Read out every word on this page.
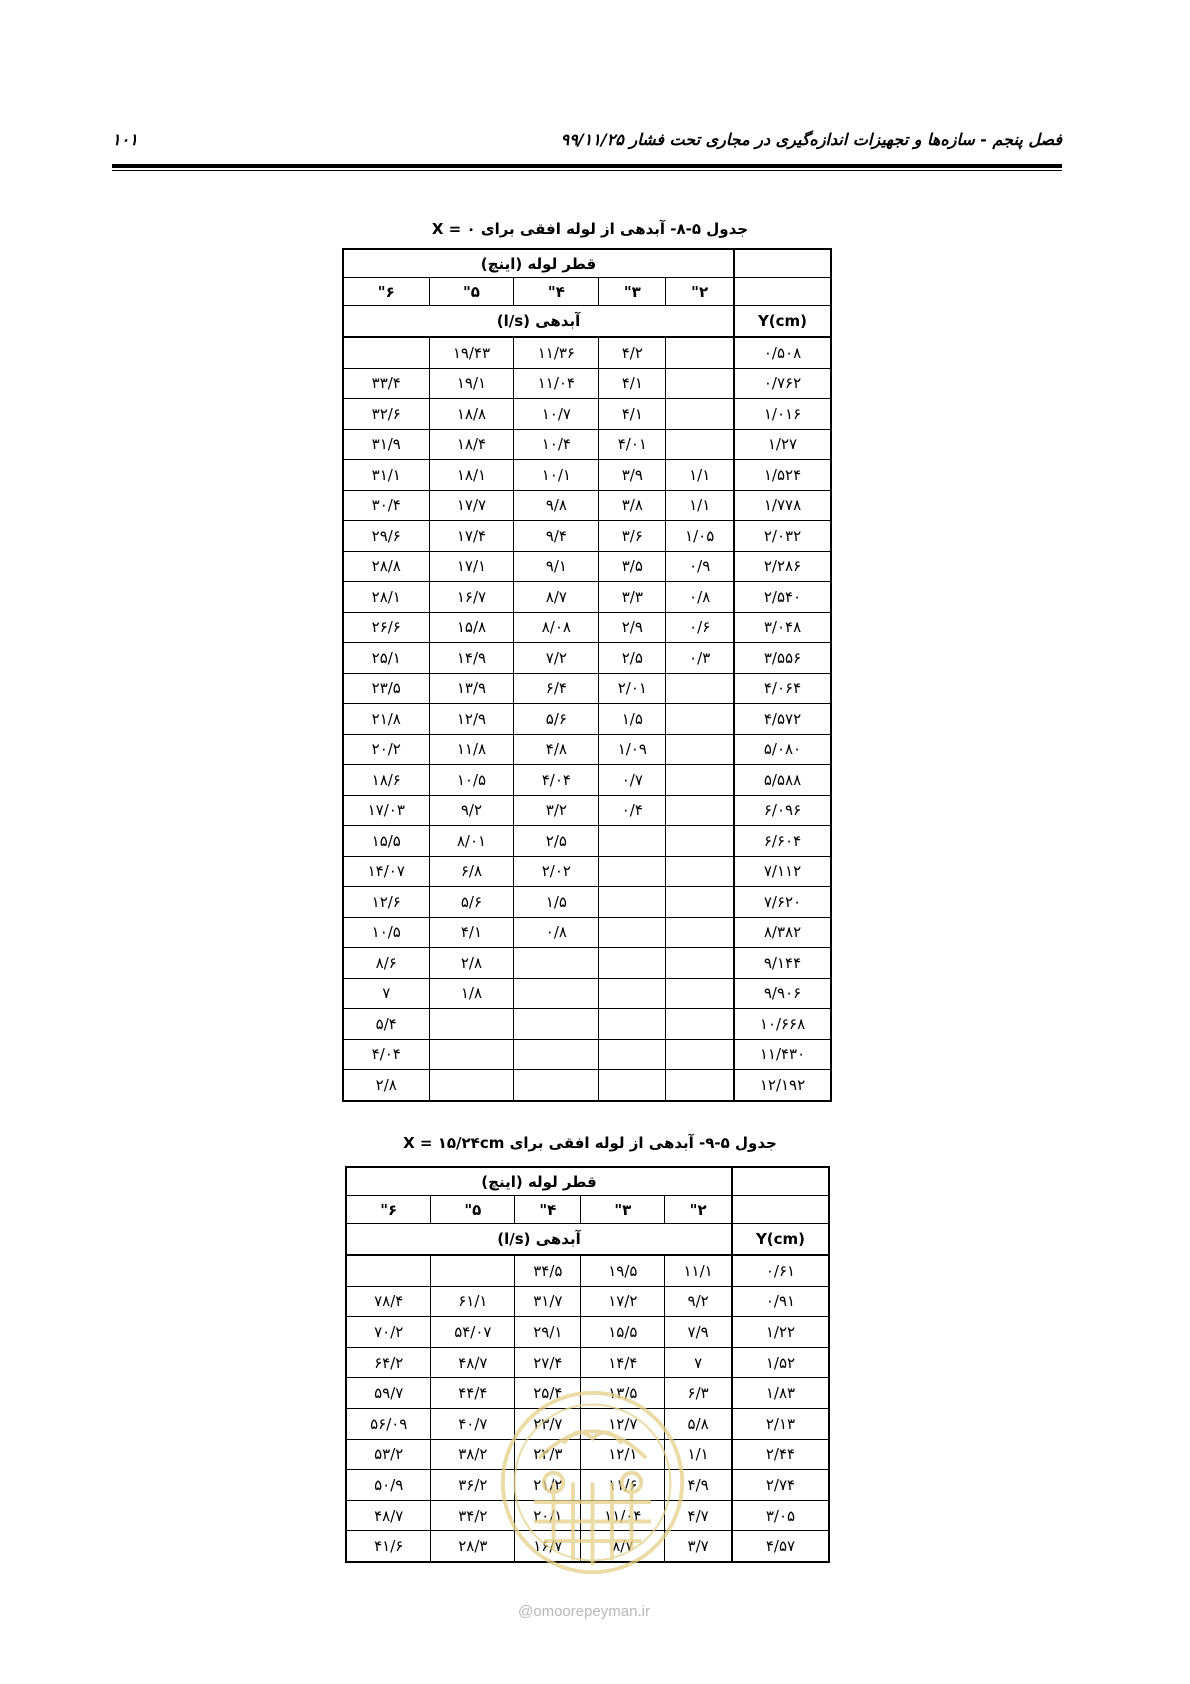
فصل پنجم - سازه‌ها و تجهیزات اندازه‌گیری در مجاری تحت فشار ۹۹/۱۱/۲۵
۱۰۱
جدول ۵-۸- آبدهی از لوله افقی برای X = ۰
	قطر لوله (اینچ)				
	۲"	۳"	۴"	۵"	۶"
Y(cm)	آبدهی (l/s)				
۰/۵۰۸		۴/۲	۱۱/۳۶	۱۹/۴۳	
۰/۷۶۲		۴/۱	۱۱/۰۴	۱۹/۱	۳۳/۴
۱/۰۱۶		۴/۱	۱۰/۷	۱۸/۸	۳۲/۶
۱/۲۷		۴/۰۱	۱۰/۴	۱۸/۴	۳۱/۹
۱/۵۲۴	۱/۱	۳/۹	۱۰/۱	۱۸/۱	۳۱/۱
۱/۷۷۸	۱/۱	۳/۸	۹/۸	۱۷/۷	۳۰/۴
۲/۰۳۲	۱/۰۵	۳/۶	۹/۴	۱۷/۴	۲۹/۶
۲/۲۸۶	۰/۹	۳/۵	۹/۱	۱۷/۱	۲۸/۸
۲/۵۴۰	۰/۸	۳/۳	۸/۷	۱۶/۷	۲۸/۱
۳/۰۴۸	۰/۶	۲/۹	۸/۰۸	۱۵/۸	۲۶/۶
۳/۵۵۶	۰/۳	۲/۵	۷/۲	۱۴/۹	۲۵/۱
۴/۰۶۴		۲/۰۱	۶/۴	۱۳/۹	۲۳/۵
۴/۵۷۲		۱/۵	۵/۶	۱۲/۹	۲۱/۸
۵/۰۸۰		۱/۰۹	۴/۸	۱۱/۸	۲۰/۲
۵/۵۸۸		۰/۷	۴/۰۴	۱۰/۵	۱۸/۶
۶/۰۹۶		۰/۴	۳/۲	۹/۲	۱۷/۰۳
۶/۶۰۴			۲/۵	۸/۰۱	۱۵/۵
۷/۱۱۲			۲/۰۲	۶/۸	۱۴/۰۷
۷/۶۲۰			۱/۵	۵/۶	۱۲/۶
۸/۳۸۲			۰/۸	۴/۱	۱۰/۵
۹/۱۴۴				۲/۸	۸/۶
۹/۹۰۶				۱/۸	۷
۱۰/۶۶۸					۵/۴
۱۱/۴۳۰					۴/۰۴
۱۲/۱۹۲					۲/۸
جدول ۵-۹- آبدهی از لوله افقی برای X = ۱۵/۲۴cm
	قطر لوله (اینچ)				
	۲"	۳"	۴"	۵"	۶"
Y(cm)	آبدهی (l/s)				
۰/۶۱	۱۱/۱	۱۹/۵	۳۴/۵		
۰/۹۱	۹/۲	۱۷/۲	۳۱/۷	۶۱/۱	۷۸/۴
۱/۲۲	۷/۹	۱۵/۵	۲۹/۱	۵۴/۰۷	۷۰/۲
۱/۵۲	۷	۱۴/۴	۲۷/۴	۴۸/۷	۶۴/۲
۱/۸۳	۶/۳	۱۳/۵	۲۵/۴	۴۴/۴	۵۹/۷
۲/۱۳	۵/۸	۱۲/۷	۲۳/۷	۴۰/۷	۵۶/۰۹
۲/۴۴	۱/۱	۱۲/۱	۲۲/۳	۳۸/۲	۵۳/۲
۲/۷۴	۴/۹	۱۱/۶	۲۱/۲	۳۶/۲	۵۰/۹
۳/۰۵	۴/۷	۱۱/۰۴	۲۰/۱	۳۴/۲	۴۸/۷
۴/۵۷	۳/۷	۸/۷	۱۶/۷	۲۸/۳	۴۱/۶
@omoorepeyman.ir
